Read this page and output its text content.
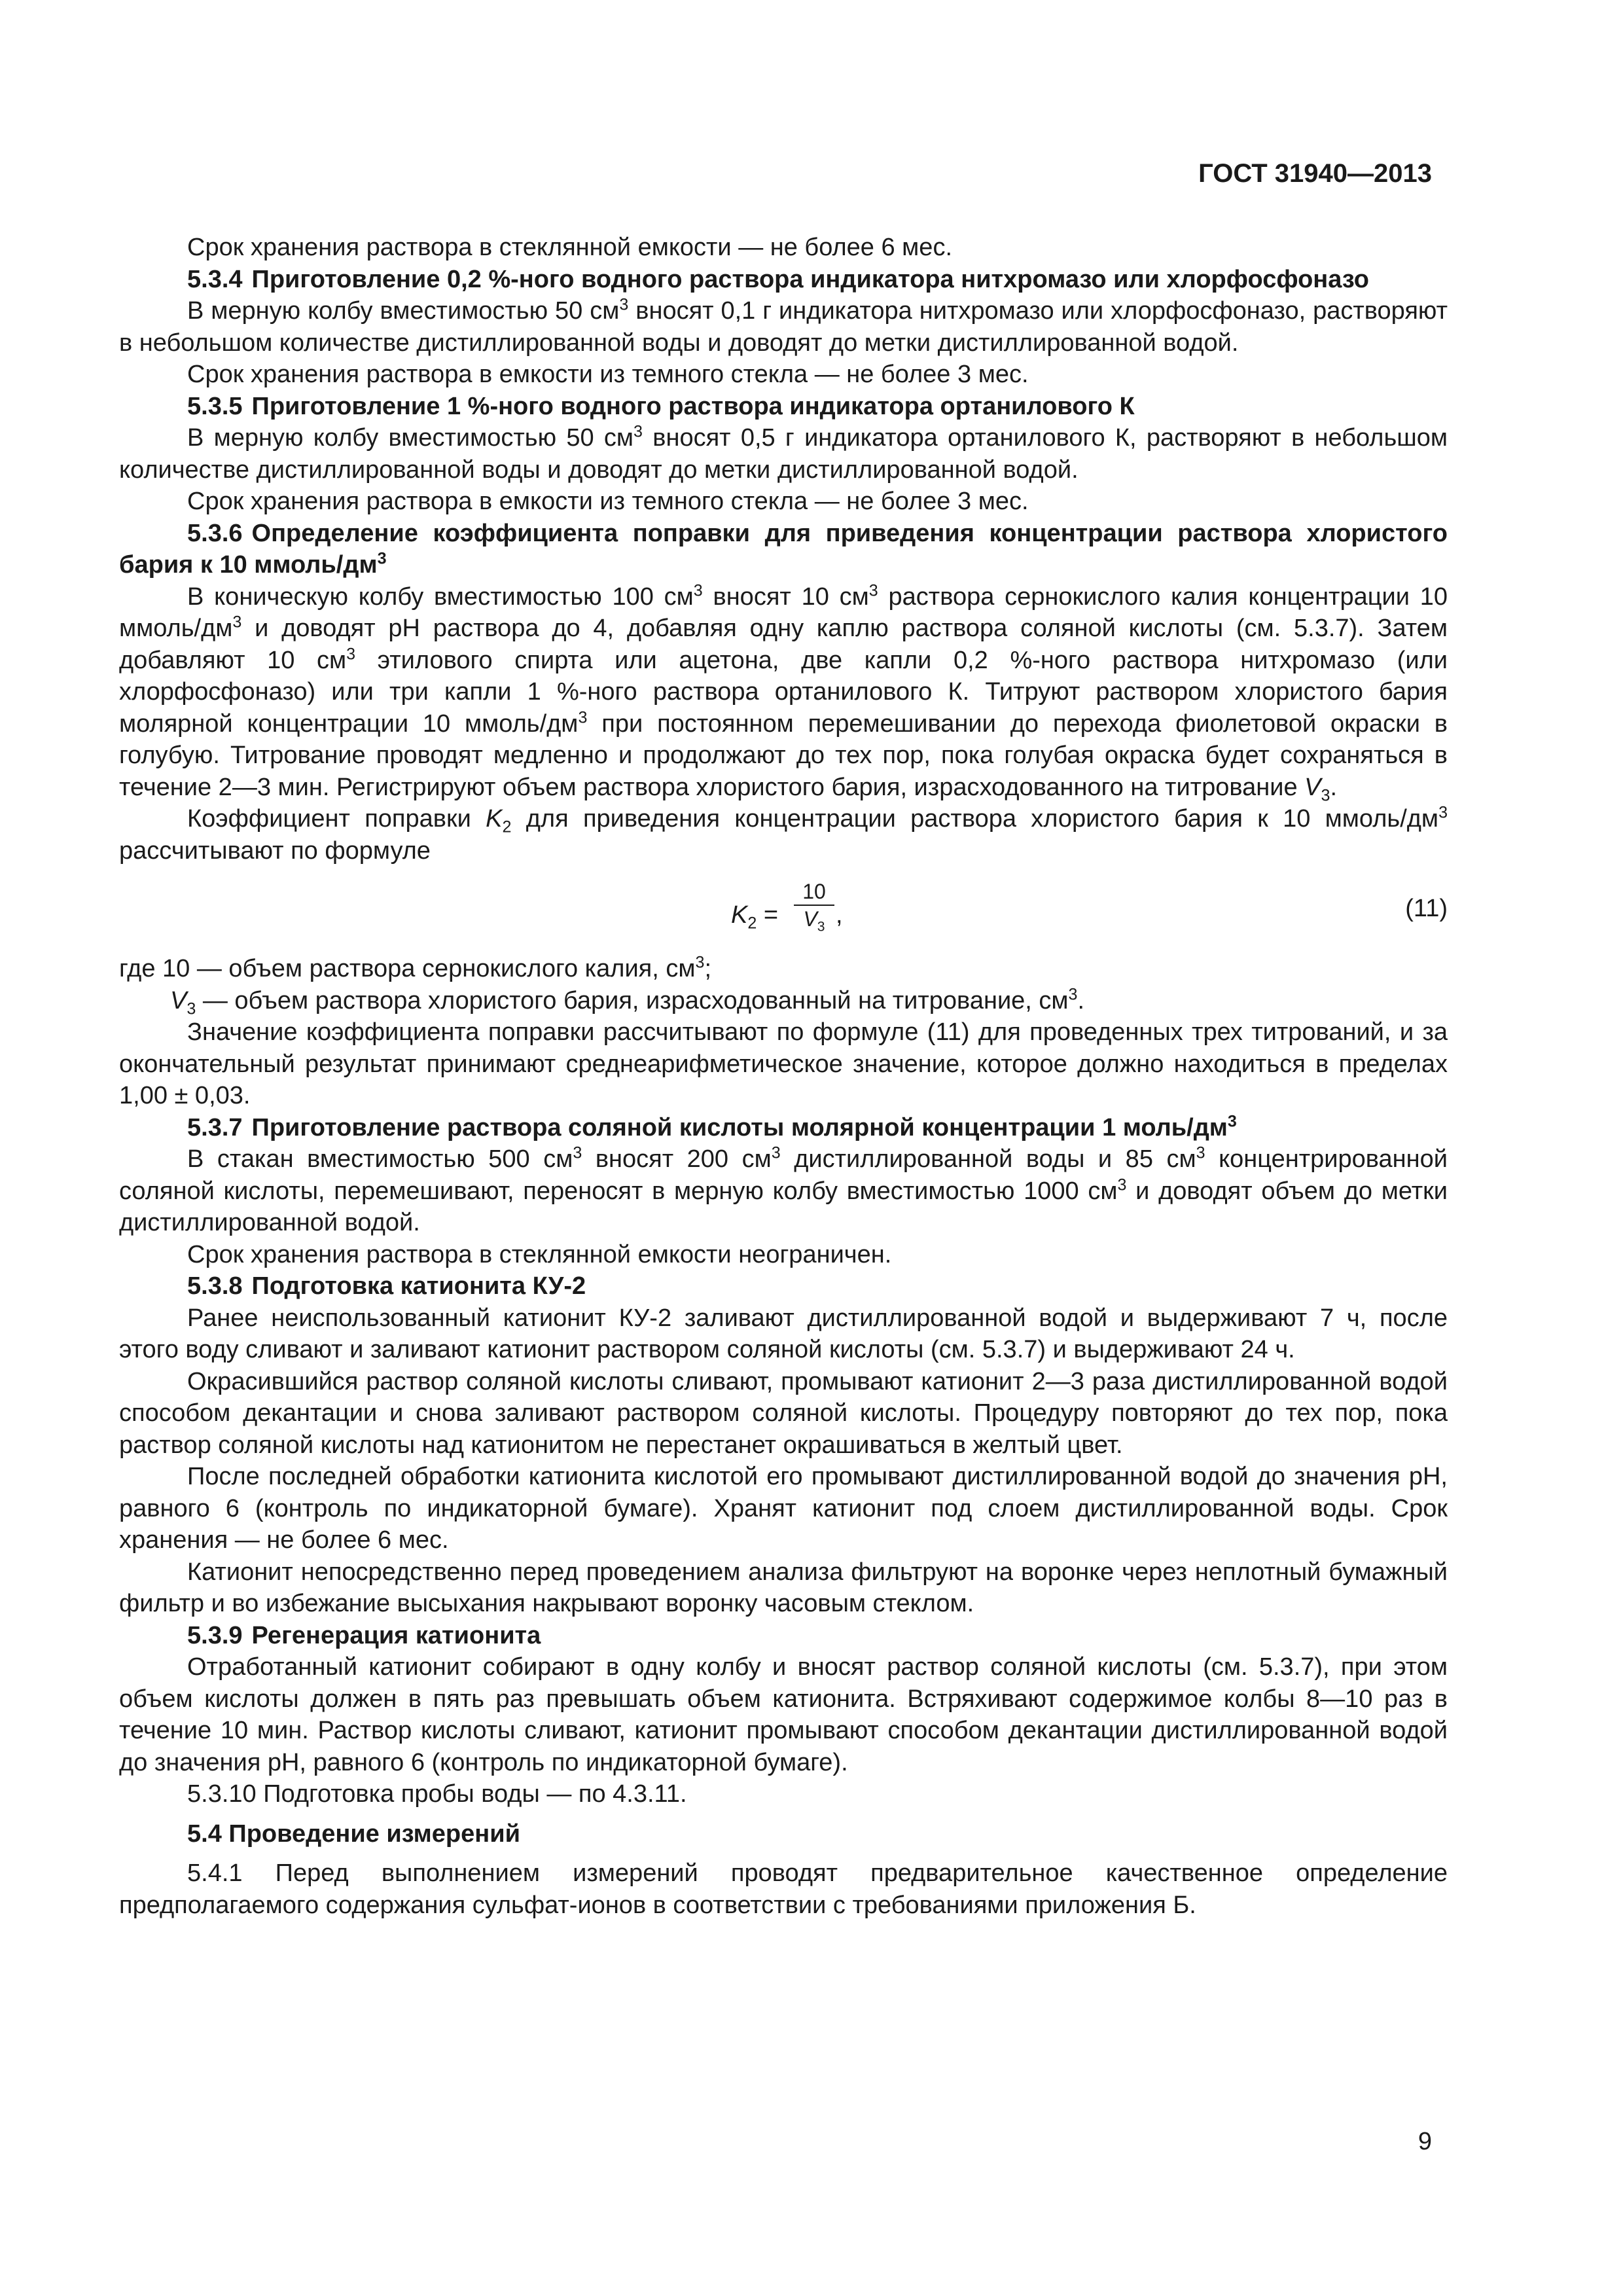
ГОСТ 31940—2013

Срок хранения раствора в стеклянной емкости — не более 6 мес.

5.3.4 Приготовление 0,2 %-ного водного раствора индикатора нитхромазо или хлорфосфоназо

В мерную колбу вместимостью 50 $см^3$ вносят 0,1 г индикатора нитхромазо или хлорфосфоназо, растворяют в небольшом количестве дистиллированной воды и доводят до метки дистиллированной водой.

Срок хранения раствора в емкости из темного стекла — не более 3 мес.

5.3.5 Приготовление 1 %-ного водного раствора индикатора ортанилового К

В мерную колбу вместимостью 50 $см^3$ вносят 0,5 г индикатора ортанилового К, растворяют в небольшом количестве дистиллированной воды и доводят до метки дистиллированной водой.

Срок хранения раствора в емкости из темного стекла — не более 3 мес.

5.3.6 Определение коэффициента поправки для приведения концентрации раствора хлористого бария к 10 ммоль/$дм^3$

В коническую колбу вместимостью 100 $см^3$ вносят 10 $см^3$ раствора сернокислого калия концентрации 10 ммоль/$дм^3$ и доводят pH раствора до 4, добавляя одну каплю раствора соляной кислоты (см. 5.3.7). Затем добавляют 10 $см^3$ этилового спирта или ацетона, две капли 0,2 %-ного раствора нитхромазо (или хлорфосфоназо) или три капли 1 %-ного раствора ортанилового К. Титруют раствором хлористого бария молярной концентрации 10 ммоль/$дм^3$ при постоянном перемешивании до перехода фиолетовой окраски в голубую. Титрование проводят медленно и продолжают до тех пор, пока голубая окраска будет сохраняться в течение 2—3 мин. Регистрируют объем раствора хлористого бария, израсходованного на титрование $V_3$.

Коэффициент поправки $K_2$ для приведения концентрации раствора хлористого бария к 10 ммоль/$дм^3$ рассчитывают по формуле

$K_2$ =
10
$V_3$ ,	(11)

где 10 — объем раствора сернокислого калия, $см^3$;

$V_3$ — объем раствора хлористого бария, израсходованный на титрование, $см^3$.

Значение коэффициента поправки рассчитывают по формуле (11) для проведенных трех титрований, и за окончательный результат принимают среднеарифметическое значение, которое должно находиться в пределах 1,00 ± 0,03.

5.3.7 Приготовление раствора соляной кислоты молярной концентрации 1 моль/$дм^3$

В стакан вместимостью 500 $см^3$ вносят 200 $см^3$ дистиллированной воды и 85 $см^3$ концентрированной соляной кислоты, перемешивают, переносят в мерную колбу вместимостью 1000 $см^3$ и доводят объем до метки дистиллированной водой.

Срок хранения раствора в стеклянной емкости неограничен.

5.3.8 Подготовка катионита КУ-2

Ранее неиспользованный катионит КУ-2 заливают дистиллированной водой и выдерживают 7 ч, после этого воду сливают и заливают катионит раствором соляной кислоты (см. 5.3.7) и выдерживают 24 ч.

Окрасившийся раствор соляной кислоты сливают, промывают катионит 2—3 раза дистиллированной водой способом декантации и снова заливают раствором соляной кислоты. Процедуру повторяют до тех пор, пока раствор соляной кислоты над катионитом не перестанет окрашиваться в желтый цвет.

После последней обработки катионита кислотой его промывают дистиллированной водой до значения pH, равного 6 (контроль по индикаторной бумаге). Хранят катионит под слоем дистиллированной воды. Срок хранения — не более 6 мес.

Катионит непосредственно перед проведением анализа фильтруют на воронке через неплотный бумажный фильтр и во избежание высыхания накрывают воронку часовым стеклом.

5.3.9 Регенерация катионита

Отработанный катионит собирают в одну колбу и вносят раствор соляной кислоты (см. 5.3.7), при этом объем кислоты должен в пять раз превышать объем катионита. Встряхивают содержимое колбы 8—10 раз в течение 10 мин. Раствор кислоты сливают, катионит промывают способом декантации дистиллированной водой до значения pH, равного 6 (контроль по индикаторной бумаге).

5.3.10 Подготовка пробы воды — по 4.3.11.

5.4 Проведение измерений

5.4.1 Перед выполнением измерений проводят предварительное качественное определение предполагаемого содержания сульфат-ионов в соответствии с требованиями приложения Б.

9
